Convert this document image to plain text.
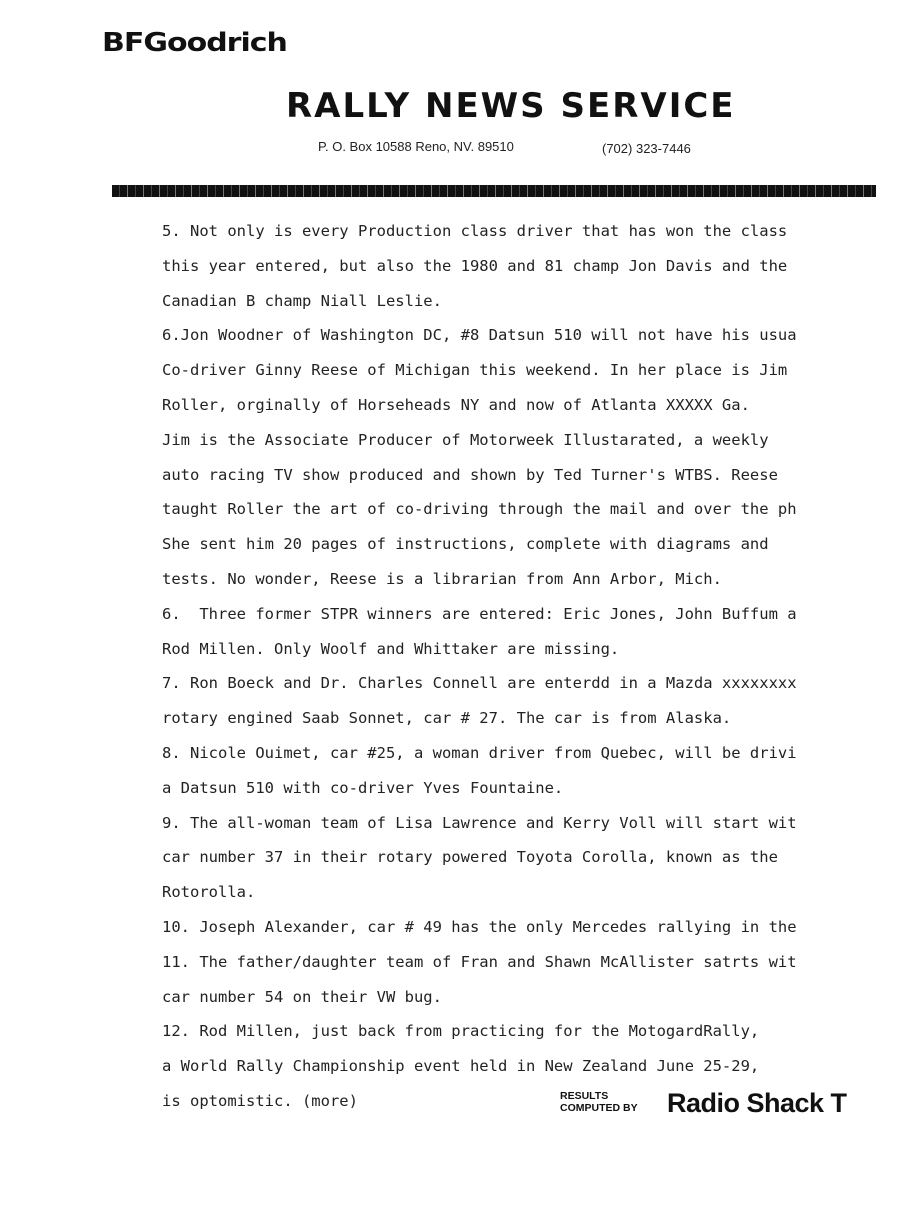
BFGoodrich
RALLY NEWS SERVICE
P. O. Box 10588 Reno, NV. 89510	(702) 323-7446
5. Not only is every Production class driver that has won the class
this year entered, but also the 1980 and 81 champ Jon Davis and the
Canadian B champ Niall Leslie.
6.Jon Woodner of Washington DC, #8 Datsun 510 will not have his usua
Co-driver Ginny Reese of Michigan this weekend. In her place is Jim
Roller, orginally of Horseheads NY and now of Atlanta XXXXX Ga.
Jim is the Associate Producer of Motorweek Illustarated, a weekly
auto racing TV show produced and shown by Ted Turner's WTBS. Reese
taught Roller the art of co-driving through the mail and over the ph
She sent him 20 pages of instructions, complete with diagrams and
tests. No wonder, Reese is a librarian from Ann Arbor, Mich.
6.  Three former STPR winners are entered: Eric Jones, John Buffum a
Rod Millen. Only Woolf and Whittaker are missing.
7. Ron Boeck and Dr. Charles Connell are enterdd in a Mazda xxxxxxxx
rotary engined Saab Sonnet, car # 27. The car is from Alaska.
8. Nicole Ouimet, car #25, a woman driver from Quebec, will be drivi
a Datsun 510 with co-driver Yves Fountaine.
9. The all-woman team of Lisa Lawrence and Kerry Voll will start wit
car number 37 in their rotary powered Toyota Corolla, known as the
Rotorolla.
10. Joseph Alexander, car # 49 has the only Mercedes rallying in the
11. The father/daughter team of Fran and Shawn McAllister satrts wit
car number 54 on their VW bug.
12. Rod Millen, just back from practicing for the MotogardRally,
a World Rally Championship event held in New Zealand June 25-29,
is optomistic. (more)	RESULTS
COMPUTED BY Radio Shack T
